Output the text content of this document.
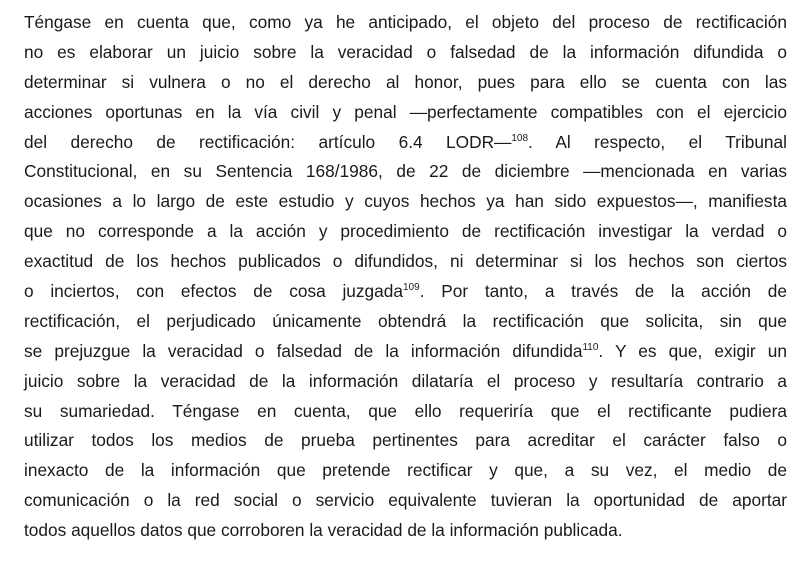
Téngase en cuenta que, como ya he anticipado, el objeto del proceso de rectificación
no es elaborar un juicio sobre la veracidad o falsedad de la información difundida o
determinar si vulnera o no el derecho al honor, pues para ello se cuenta con las
acciones oportunas en la vía civil y penal —perfectamente compatibles con el ejercicio
del derecho de rectificación: artículo 6.4 LODR—$^{108}$. Al respecto, el Tribunal
Constitucional, en su Sentencia 168/1986, de 22 de diciembre —mencionada en varias
ocasiones a lo largo de este estudio y cuyos hechos ya han sido expuestos—, manifiesta
que no corresponde a la acción y procedimiento de rectificación investigar la verdad o
exactitud de los hechos publicados o difundidos, ni determinar si los hechos son ciertos
o inciertos, con efectos de cosa juzgada$^{109}$. Por tanto, a través de la acción de
rectificación, el perjudicado únicamente obtendrá la rectificación que solicita, sin que
se prejuzgue la veracidad o falsedad de la información difundida$^{110}$. Y es que, exigir un
juicio sobre la veracidad de la información dilataría el proceso y resultaría contrario a
su sumariedad. Téngase en cuenta, que ello requeriría que el rectificante pudiera
utilizar todos los medios de prueba pertinentes para acreditar el carácter falso o
inexacto de la información que pretende rectificar y que, a su vez, el medio de
comunicación o la red social o servicio equivalente tuvieran la oportunidad de aportar
todos aquellos datos que corroboren la veracidad de la información publicada.
